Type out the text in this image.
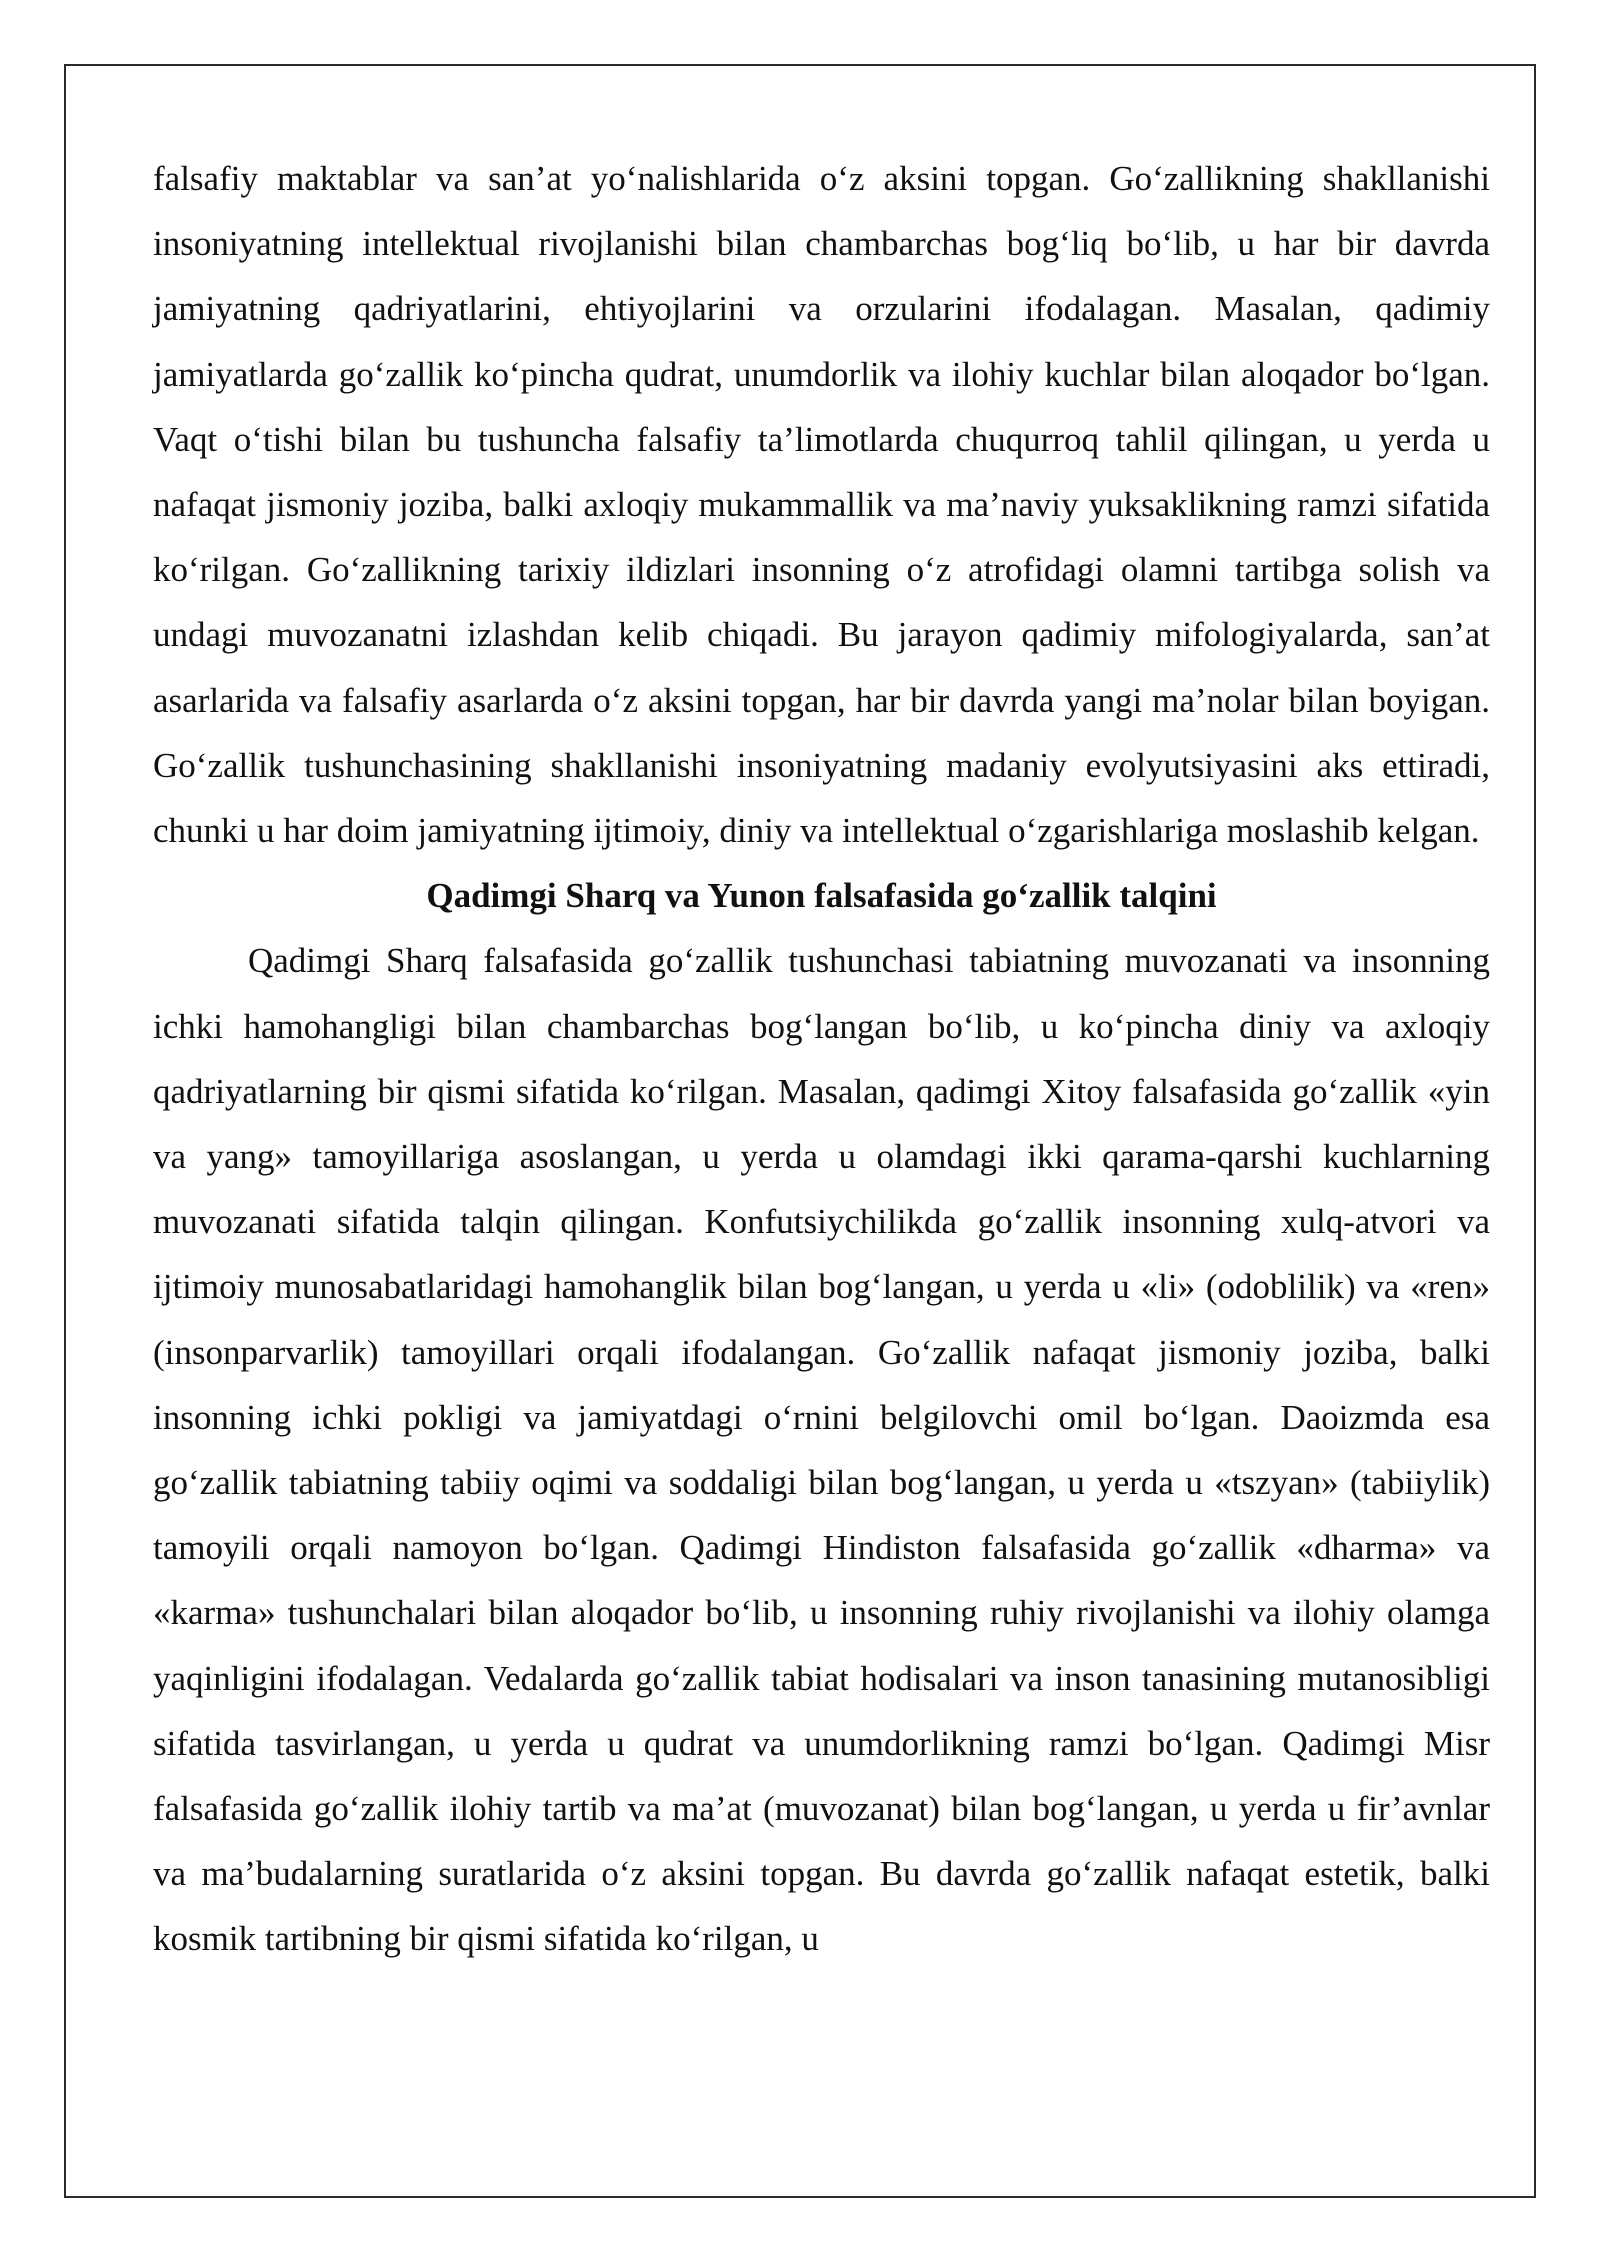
falsafiy maktablar va san’at yo‘nalishlarida o‘z aksini topgan. Go‘zallikning shakllanishi insoniyatning intellektual rivojlanishi bilan chambarchas bog‘liq bo‘lib, u har bir davrda jamiyatning qadriyatlarini, ehtiyojlarini va orzularini ifodalagan. Masalan, qadimiy jamiyatlarda go‘zallik ko‘pincha qudrat, unumdorlik va ilohiy kuchlar bilan aloqador bo‘lgan. Vaqt o‘tishi bilan bu tushuncha falsafiy ta’limotlarda chuqurroq tahlil qilingan, u yerda u nafaqat jismoniy joziba, balki axloqiy mukammallik va ma’naviy yuksaklikning ramzi sifatida ko‘rilgan. Go‘zallikning tarixiy ildizlari insonning o‘z atrofidagi olamni tartibga solish va undagi muvozanatni izlashdan kelib chiqadi. Bu jarayon qadimiy mifologiyalarda, san’at asarlarida va falsafiy asarlarda o‘z aksini topgan, har bir davrda yangi ma’nolar bilan boyigan. Go‘zallik tushunchasining shakllanishi insoniyatning madaniy evolyutsiyasini aks ettiradi, chunki u har doim jamiyatning ijtimoiy, diniy va intellektual o‘zgarishlariga moslashib kelgan.

Qadimgi Sharq va Yunon falsafasida go‘zallik talqini

Qadimgi Sharq falsafasida go‘zallik tushunchasi tabiatning muvozanati va insonning ichki hamohangligi bilan chambarchas bog‘langan bo‘lib, u ko‘pincha diniy va axloqiy qadriyatlarning bir qismi sifatida ko‘rilgan. Masalan, qadimgi Xitoy falsafasida go‘zallik «yin va yang» tamoyillariga asoslangan, u yerda u olamdagi ikki qarama-qarshi kuchlarning muvozanati sifatida talqin qilingan. Konfutsiychilikda go‘zallik insonning xulq-atvori va ijtimoiy munosabatlaridagi hamohanglik bilan bog‘langan, u yerda u «li» (odoblilik) va «ren» (insonparvarlik) tamoyillari orqali ifodalangan. Go‘zallik nafaqat jismoniy joziba, balki insonning ichki pokligi va jamiyatdagi o‘rnini belgilovchi omil bo‘lgan. Daoizmda esa go‘zallik tabiatning tabiiy oqimi va soddaligi bilan bog‘langan, u yerda u «tszyan» (tabiiylik) tamoyili orqali namoyon bo‘lgan. Qadimgi Hindiston falsafasida go‘zallik «dharma» va «karma» tushunchalari bilan aloqador bo‘lib, u insonning ruhiy rivojlanishi va ilohiy olamga yaqinligini ifodalagan. Vedalarda go‘zallik tabiat hodisalari va inson tanasining mutanosibligi sifatida tasvirlangan, u yerda u qudrat va unumdorlikning ramzi bo‘lgan. Qadimgi Misr falsafasida go‘zallik ilohiy tartib va ma’at (muvozanat) bilan bog‘langan, u yerda u fir’avnlar va ma’budalarning suratlarida o‘z aksini topgan. Bu davrda go‘zallik nafaqat estetik, balki kosmik tartibning bir qismi sifatida ko‘rilgan, u
